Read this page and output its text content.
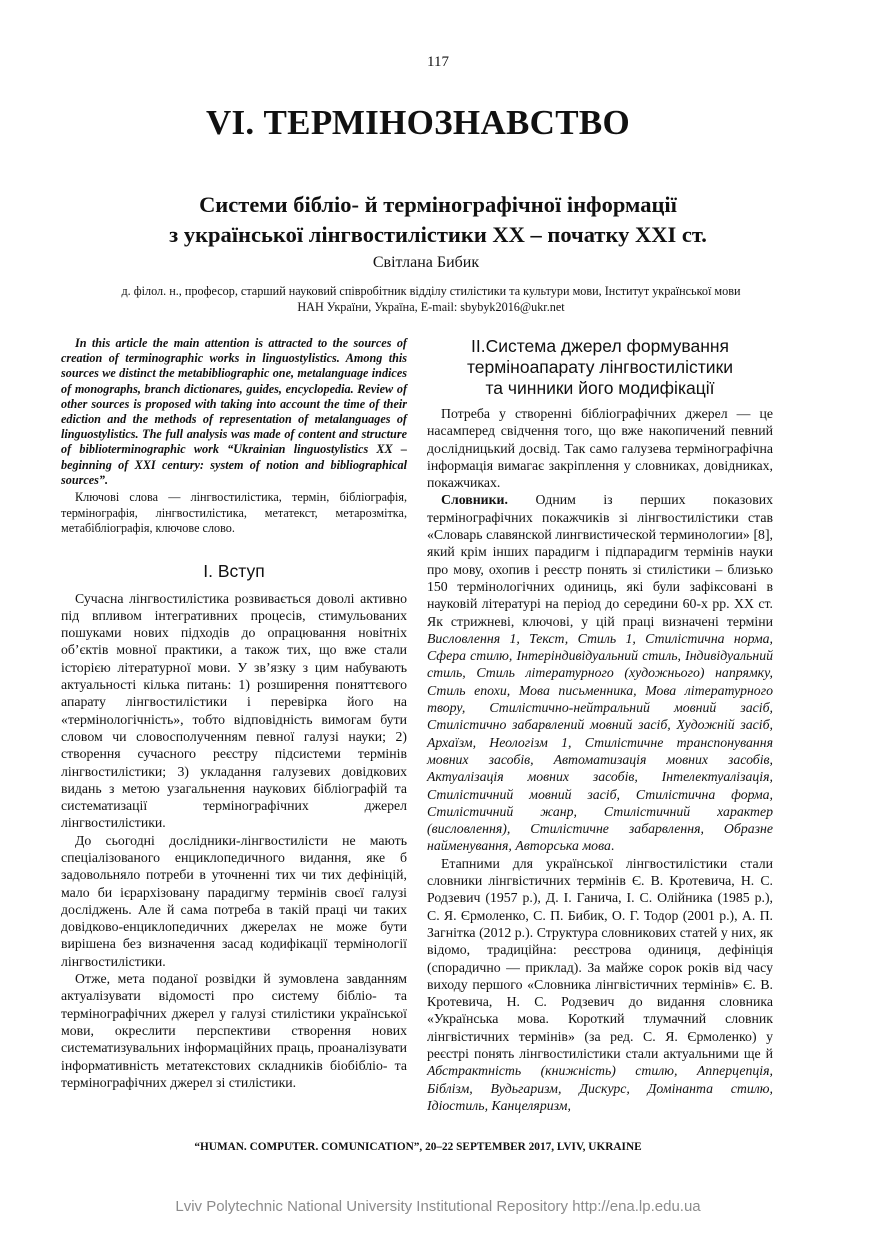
117
VI. ТЕРМІНОЗНАВСТВО
Системи бібліо- й термінографічної інформації
з української лінгвостилістики ХХ – початку ХХІ ст.
Світлана Бибик
д. філол. н., професор, старший науковий співробітник відділу стилістики та культури мови, Інститут української мови
НАН України, Україна, E-mail: sbybyk2016@ukr.net

In this article the main attention is attracted to the sources of creation of terminographic works in linguostylistics. Among this sources we distinct the metabibliographic one, metalanguage indices of monographs, branch dictionares, guides, encyclopedia. Review of other sources is proposed with taking into account the time of their ediction and the methods of representation of metalanguages of linguostylistics. The full analysis was made of content and structure of biblioterminographic work “Ukrainian linguostylistics XX – beginning of XXI century: system of notion and bibliographical sources”.

Ключові слова — лінгвостилістика, термін, бібліографія, термінографія, лінгвостилістика, метатекст, метарозмітка, метабібліографія, ключове слово.

I. Вступ

Сучасна лінгвостилістика розвивається доволі активно під впливом інтегративних процесів, стимульованих пошуками нових підходів до опрацювання новітніх об’єктів мовної практики, а також тих, що вже стали історією літературної мови. У зв’язку з цим набувають актуальності кілька питань: 1) розширення поняттєвого апарату лінгвостилістики і перевірка його на «термінологічність», тобто відповідність вимогам бути словом чи словосполученням певної галузі науки; 2) створення сучасного реєстру підсистеми термінів лінгвостилістики; 3) укладання галузевих довідкових видань з метою узагальнення наукових бібліографій та систематизації термінографічних джерел лінгвостилістики.

До сьогодні дослідники-лінгвостилісти не мають спеціалізованого енциклопедичного видання, яке б задовольняло потреби в уточненні тих чи тих дефініцій, мало би ієрархізовану парадигму термінів своєї галузі досліджень. Але й сама потреба в такій праці чи таких довідково-енциклопедичних джерелах не може бути вирішена без визначення засад кодифікації термінології лінгвостилістики.

Отже, мета поданої розвідки й зумовлена завданням актуалізувати відомості про систему бібліо- та термінографічних джерел у галузі стилістики української мови, окреслити перспективи створення нових систематизувальних інформаційних праць, проаналізувати інформативність метатекстових складників біобібліо- та термінографічних джерел зі стилістики.

II.Система джерел формування
терміноапарату лінгвостилістики
та чинники його модифікації

Потреба у створенні бібліографічних джерел — це насамперед свідчення того, що вже накопичений певний дослідницький досвід. Так само галузева термінографічна інформація вимагає закріплення у словниках, довідниках, покажчиках.

Словники. Одним із перших показових термінографічних покажчиків зі лінгвостилістики став «Словарь славянской лингвистической терминологии» [8], який крім інших парадигм і підпарадигм термінів науки про мову, охопив і реєстр понять зі стилістики – близько 150 термінологічних одиниць, які були зафіксовані в науковій літературі на період до середини 60-х рр. ХХ ст. Як стрижневі, ключові, у цій праці визначені терміни Висловлення 1, Текст, Стиль 1, Стилістична норма, Сфера стилю, Інтеріндивідуальний стиль, Індивідуальний стиль, Стиль літературного (художнього) напрямку, Стиль епохи, Мова письменника, Мова літературного твору, Стилістично-нейтральний мовний засіб, Стилістично забарвлений мовний засіб, Художній засіб, Архаїзм, Неологізм 1, Стилістичне транспонування мовних засобів, Автоматизація мовних засобів, Актуалізація мовних засобів, Інтелектуалізація, Стилістичний мовний засіб, Стилістична форма, Стилістичний жанр, Стилістичний характер (висловлення), Стилістичне забарвлення, Образне найменування, Авторська мова.

Етапними для української лінгвостилістики стали словники лінгвістичних термінів Є. В. Кротевича, Н. С. Родзевич (1957 р.), Д. І. Ганича, І. С. Олійника (1985 р.), С. Я. Єрмоленко, С. П. Бибик, О. Г. Тодор (2001 р.), А. П. Загнітка (2012 р.). Структура словникових статей у них, як відомо, традиційна: реєстрова одиниця, дефініція (спорадично — приклад). За майже сорок років від часу виходу першого «Словника лінгвістичних термінів» Є. В. Кротевича, Н. С. Родзевич до видання словника «Українська мова. Короткий тлумачний словник лінгвістичних термінів» (за ред. С. Я. Єрмоленко) у реєстрі понять лінгвостилістики стали актуальними ще й Абстрактність (книжність) стилю, Апперцепція, Біблізм, Вудьгаризм, Дискурс, Домінанта стилю, Ідіостиль, Канцеляризм,

“HUMAN. COMPUTER. COMUNICATION”, 20–22 SEPTEMBER 2017, LVIV, UKRAINE
Lviv Polytechnic National University Institutional Repository http://ena.lp.edu.ua
